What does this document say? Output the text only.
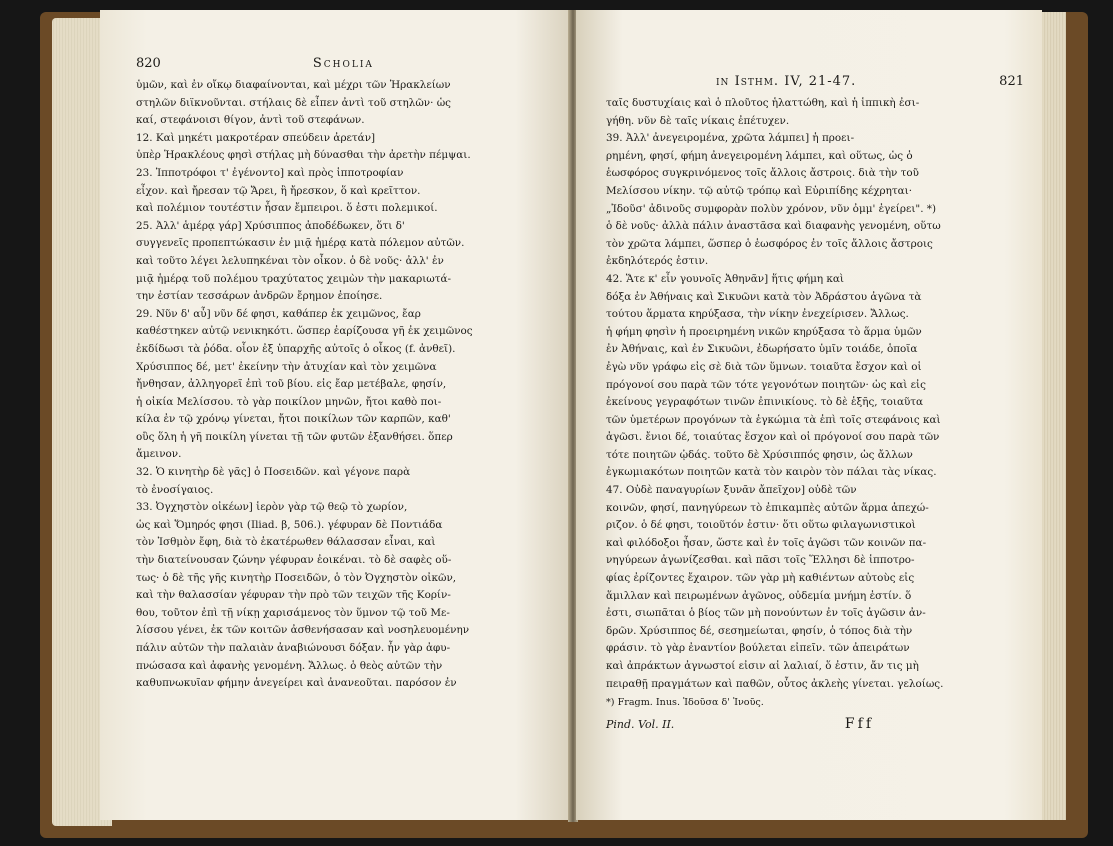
820	Scholia
ὑμῶν, καὶ ἐν οἴκῳ διαφαίνονται, καὶ μέχρι τῶν Ἡρακλείων
στηλῶν διϊκνοῦνται. στήλαις δὲ εἶπεν ἀντὶ τοῦ στηλῶν· ὡς
καί, στεφάνοισι θίγον, ἀντὶ τοῦ στεφάνων.
12. Καὶ μηκέτι μακροτέραν σπεύδειν ἀρετάν]
ὑπὲρ Ἡρακλέους φησὶ στήλας μὴ δύνασθαι τὴν ἀρετὴν πέμψαι.
23. Ἱπποτρόφοι τ' ἐγένοντο] καὶ πρὸς ἱπποτροφίαν
εἶχον. καὶ ἤρεσαν τῷ Ἄρει, ἢ ἤρεσκον, ὅ καὶ κρεῖττον.
καὶ πολέμιον τουτέστιν ἦσαν ἔμπειροι. ὅ ἐστι πολεμικοί.
25. Ἀλλ' ἁμέρᾳ γάρ] Χρύσιππος ἀποδέδωκεν, ὅτι δ'
συγγενεῖς προπεπτώκασιν ἐν μιᾷ ἡμέρᾳ κατὰ πόλεμον αὐτῶν.
καὶ τοῦτο λέγει λελυπηκέναι τὸν οἶκον. ὁ δὲ νοῦς· ἀλλ' ἐν
μιᾷ ἡμέρᾳ τοῦ πολέμου τραχύτατος χειμὼν τὴν μακαριωτά-
την ἑστίαν τεσσάρων ἀνδρῶν ἔρημον ἐποίησε.
29. Νῦν δ' αὖ] νῦν δέ φησι, καθάπερ ἐκ χειμῶνος, ἔαρ
καθέστηκεν αὐτῷ νενικηκότι. ὥσπερ ἐαρίζουσα γῆ ἐκ χειμῶνος
ἐκδίδωσι τὰ ῥόδα. οἷον ἐξ ὑπαρχῆς αὐτοῖς ὁ οἶκος (f. ἀνθεῖ).
Χρύσιππος δέ, μετ' ἐκείνην τὴν ἀτυχίαν καὶ τὸν χειμῶνα
ἤνθησαν, ἀλληγορεῖ ἐπὶ τοῦ βίου. εἰς ἔαρ μετέβαλε, φησίν,
ἡ οἰκία Μελίσσου. τὸ γὰρ ποικίλον μηνῶν, ἤτοι καθὸ ποι-
κίλα ἐν τῷ χρόνῳ γίνεται, ἤτοι ποικίλων τῶν καρπῶν, καθ'
οὓς ὅλη ἡ γῆ ποικίλη γίνεται τῇ τῶν φυτῶν ἐξανθήσει. ὅπερ
ἄμεινον.
32. Ὁ κινητὴρ δὲ γᾶς] ὁ Ποσειδῶν. καὶ γέγονε παρὰ
τὸ ἐνοσίγαιος.
33. Ὀγχηστὸν οἰκέων] ἱερὸν γὰρ τῷ θεῷ τὸ χωρίον,
ὡς καὶ Ὅμηρός φησι (Iliad. β, 506.). γέφυραν δὲ Ποντιάδα
τὸν Ἰσθμὸν ἔφη, διὰ τὸ ἑκατέρωθεν θάλασσαν εἶναι, καὶ
τὴν διατείνουσαν ζώνην γέφυραν ἐοικέναι. τὸ δὲ σαφὲς οὕ-
τως· ὁ δὲ τῆς γῆς κινητὴρ Ποσειδῶν, ὁ τὸν Ὀγχηστὸν οἰκῶν,
καὶ τὴν θαλασσίαν γέφυραν τὴν πρὸ τῶν τειχῶν τῆς Κορίν-
θου, τοῦτον ἐπὶ τῇ νίκῃ χαρισάμενος τὸν ὕμνον τῷ τοῦ Με-
λίσσου γένει, ἐκ τῶν κοιτῶν ἀσθενήσασαν καὶ νοσηλευομένην
πάλιν αὐτῶν τὴν παλαιὰν ἀναβιώνουσι δόξαν. ἦν γὰρ ἀφυ-
πνώσασα καὶ ἀφανὴς γενομένη. Ἄλλως. ὁ θεὸς αὐτῶν τὴν
καθυπνωκυῖαν φήμην ἀνεγείρει καὶ ἀνανεοῦται. παρόσον ἐν
in Isthm. IV, 21-47.	821
ταῖς δυστυχίαις καὶ ὁ πλοῦτος ἡλαττώθη, καὶ ἡ ἱππικὴ ἐσι-
γήθη. νῦν δὲ ταῖς νίκαις ἐπέτυχεν.
39. Ἀλλ' ἀνεγειρομένα, χρῶτα λάμπει] ἡ προει-
ρημένη, φησί, φήμη ἀνεγειρομένη λάμπει, καὶ οὕτως, ὡς ὁ
ἑωσφόρος συγκρινόμενος τοῖς ἄλλοις ἄστροις. διὰ τὴν τοῦ
Μελίσσου νίκην. τῷ αὐτῷ τρόπῳ καὶ Εὐριπίδης κέχρηται·
„Ἰδοῦσ' ἀδινοῦς συμφορὰν πολὺν χρόνον, νῦν ὀμμ' ἐγείρει". *)
ὁ δὲ νοῦς· ἀλλὰ πάλιν ἀναστᾶσα καὶ διαφανὴς γενομένη, οὕτω
τὸν χρῶτα λάμπει, ὥσπερ ὁ ἑωσφόρος ἐν τοῖς ἄλλοις ἄστροις
ἐκδηλότερός ἐστιν.
42. Ἅτε κ' εἶν γουνοῖς Ἀθηνᾶν] ἥτις φήμη καὶ
δόξα ἐν Ἀθήναις καὶ Σικυῶνι κατὰ τὸν Ἀδράστου ἀγῶνα τὰ
τούτου ἅρματα κηρύξασα, τὴν νίκην ἐνεχείρισεν. Ἄλλως.
ἡ φήμη φησὶν ἡ προειρημένη νικῶν κηρύξασα τὸ ἅρμα ὑμῶν
ἐν Ἀθήναις, καὶ ἐν Σικυῶνι, ἐδωρήσατο ὑμῖν τοιάδε, ὁποῖα
ἐγὼ νῦν γράφω εἰς σὲ διὰ τῶν ὕμνων. τοιαῦτα ἔσχον καὶ οἱ
πρόγονοί σου παρὰ τῶν τότε γεγονότων ποιητῶν· ὡς καὶ εἰς
ἐκείνους γεγραφότων τινῶν ἐπινικίους. τὸ δὲ ἑξῆς, τοιαῦτα
τῶν ὑμετέρων προγόνων τὰ ἐγκώμια τὰ ἐπὶ τοῖς στεφάνοις καὶ
ἀγῶσι. ἔνιοι δέ, τοιαύτας ἔσχον καὶ οἱ πρόγονοί σου παρὰ τῶν
τότε ποιητῶν ᾠδάς. τοῦτο δὲ Χρύσιππός φησιν, ὡς ἄλλων
ἐγκωμιακότων ποιητῶν κατὰ τὸν καιρὸν τὸν πάλαι τὰς νίκας.
47. Οὐδὲ παναγυρίων ξυνᾶν ἄπεῖχον] οὐδὲ τῶν
κοινῶν, φησί, πανηγύρεων τὸ ἐπικαμπὲς αὐτῶν ἅρμα ἀπεχώ-
ριζον. ὁ δέ φησι, τοιοῦτόν ἐστιν· ὅτι οὕτω φιλαγωνιστικοὶ
καὶ φιλόδοξοι ἦσαν, ὥστε καὶ ἐν τοῖς ἀγῶσι τῶν κοινῶν πα-
νηγύρεων ἀγωνίζεσθαι. καὶ πᾶσι τοῖς Ἕλλησι δὲ ἱπποτρο-
φίας ἐρίζοντες ἔχαιρον. τῶν γὰρ μὴ καθιέντων αὐτοὺς εἰς
ἅμιλλαν καὶ πειρωμένων ἀγῶνος, οὐδεμία μνήμη ἐστίν. ὅ
ἐστι, σιωπᾶται ὁ βίος τῶν μὴ πονούντων ἐν τοῖς ἀγῶσιν ἀν-
δρῶν. Χρύσιππος δέ, σεσημείωται, φησίν, ὁ τόπος διὰ τὴν
φράσιν. τὸ γὰρ ἐναντίον βούλεται εἰπεῖν. τῶν ἀπειράτων
καὶ ἀπράκτων ἀγνωστοί εἰσιν αἱ λαλιαί, ὅ ἐστιν, ἄν τις μὴ
πειραθῇ πραγμάτων καὶ παθῶν, οὗτος ἀκλεὴς γίνεται. γελοίως.
*) Fragm. Inus. Ἰδοῦσα δ' Ἰνοῦς.
Pind. Vol. II.	Fff
